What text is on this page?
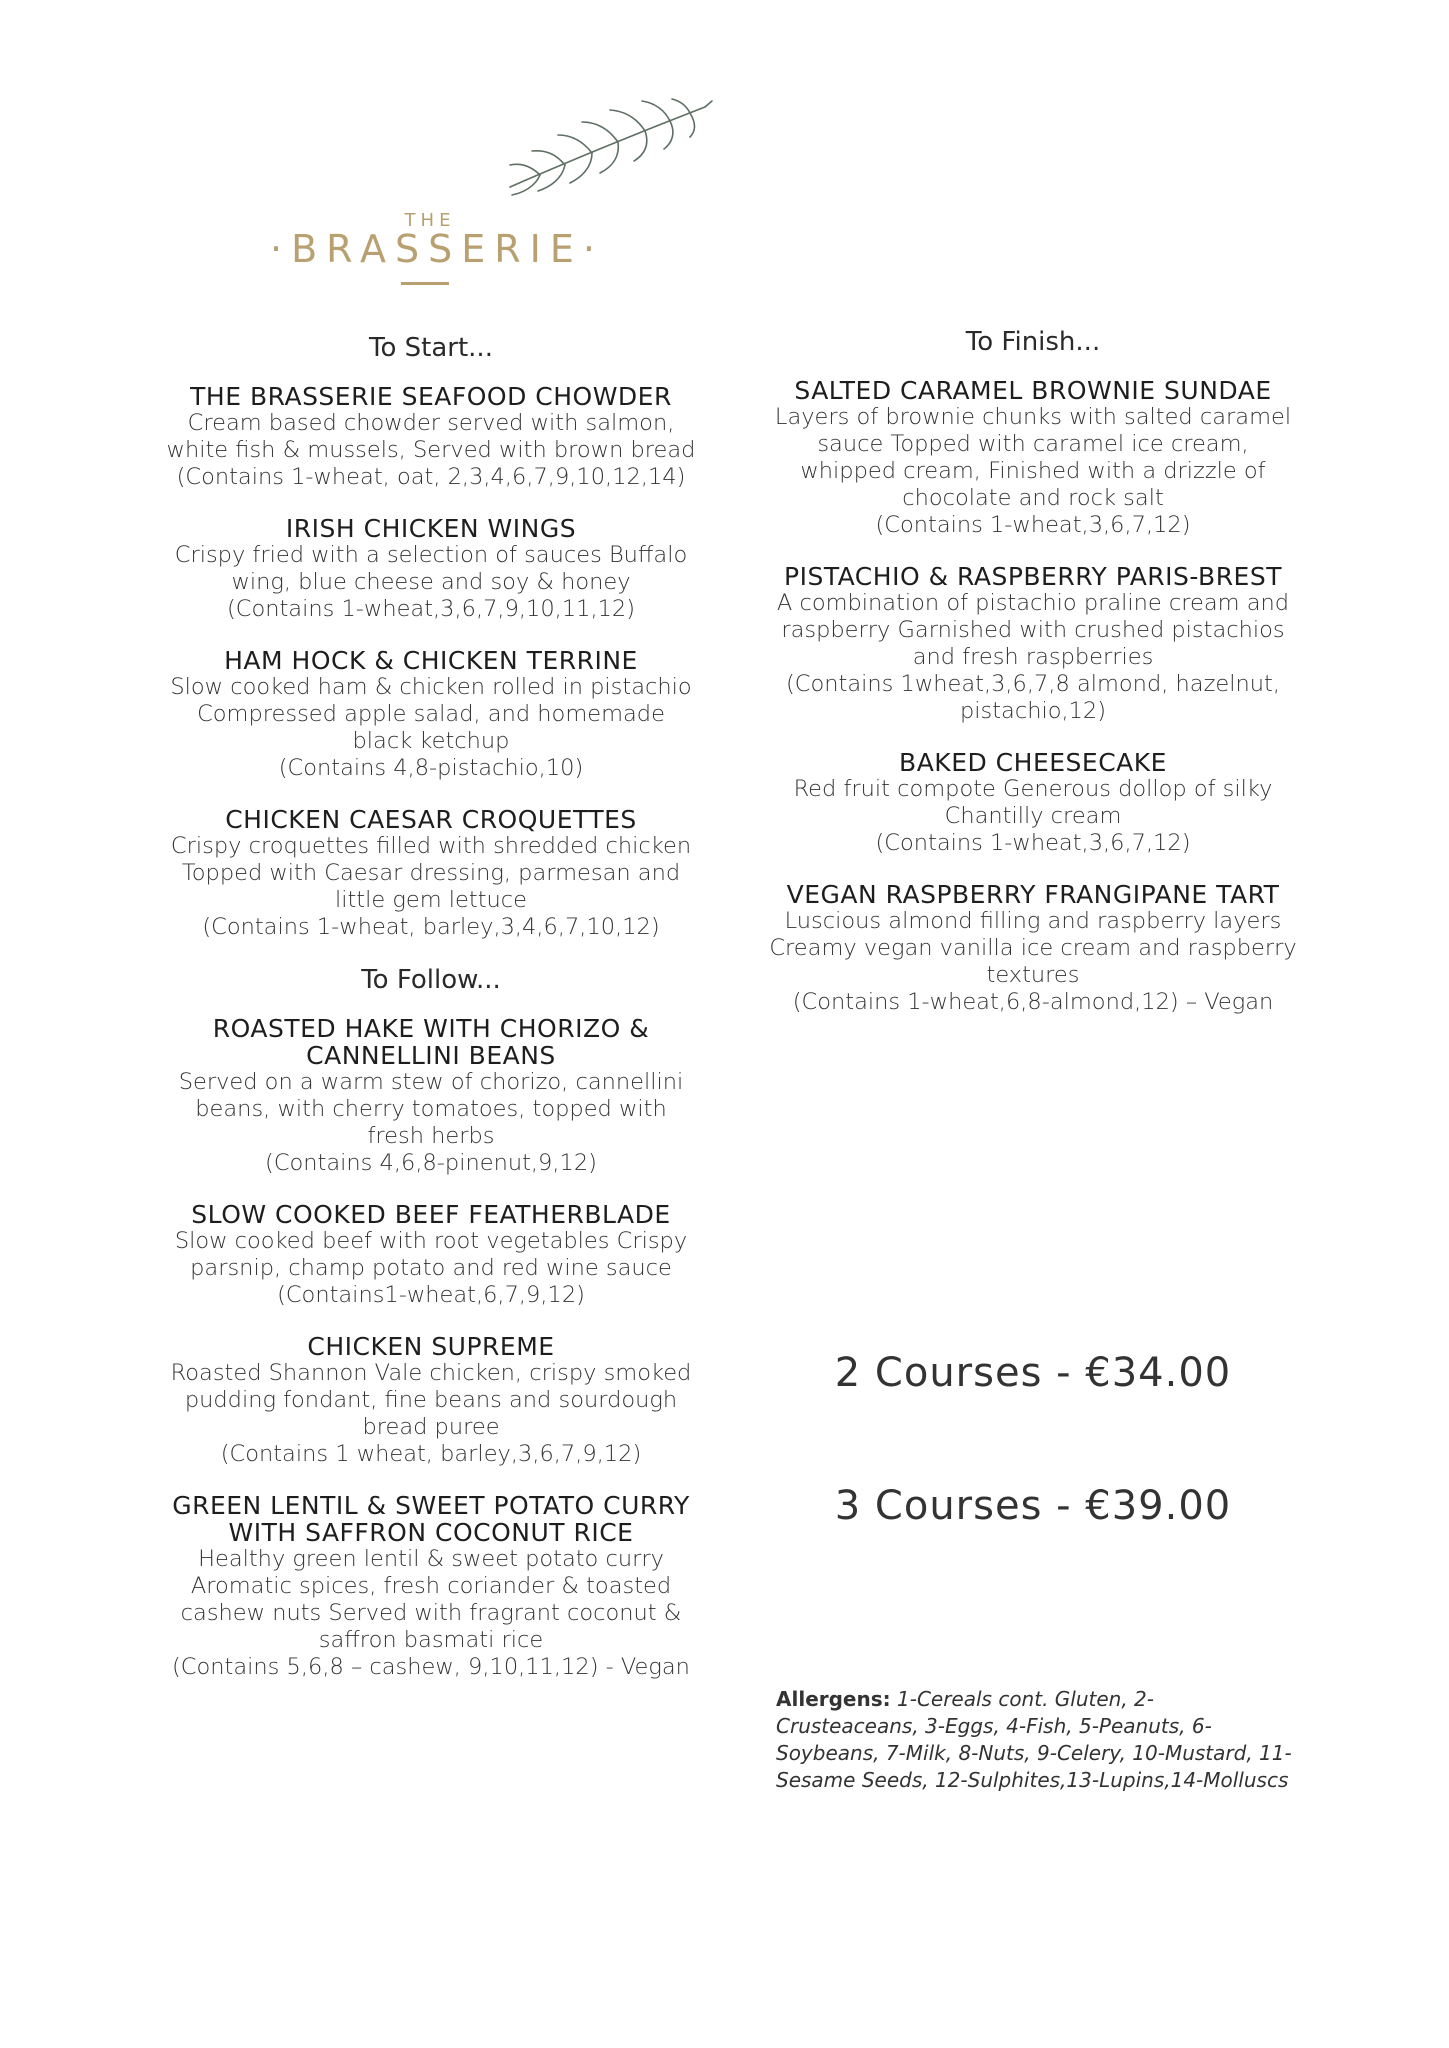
THE
·BRASSERIE·
To Start...
THE BRASSERIE SEAFOOD CHOWDER
Cream based chowder served with salmon, white fish & mussels, Served with brown bread
(Contains 1-wheat, oat, 2,3,4,6,7,9,10,12,14)
IRISH CHICKEN WINGS
Crispy fried with a selection of sauces Buffalo wing, blue cheese and soy & honey
(Contains 1-wheat,3,6,7,9,10,11,12)
HAM HOCK & CHICKEN TERRINE
Slow cooked ham & chicken rolled in pistachio Compressed apple salad, and homemade black ketchup
(Contains 4,8-pistachio,10)
CHICKEN CAESAR CROQUETTES
Crispy croquettes filled with shredded chicken Topped with Caesar dressing, parmesan and little gem lettuce
(Contains 1-wheat, barley,3,4,6,7,10,12)
To Follow...
ROASTED HAKE WITH CHORIZO & CANNELLINI BEANS
Served on a warm stew of chorizo, cannellini beans, with cherry tomatoes, topped with fresh herbs
(Contains 4,6,8-pinenut,9,12)
SLOW COOKED BEEF FEATHERBLADE
Slow cooked beef with root vegetables Crispy parsnip, champ potato and red wine sauce
(Contains1-wheat,6,7,9,12)
CHICKEN SUPREME
Roasted Shannon Vale chicken, crispy smoked pudding fondant, fine beans and sourdough bread puree
(Contains 1 wheat, barley,3,6,7,9,12)
GREEN LENTIL & SWEET POTATO CURRY WITH SAFFRON COCONUT RICE
Healthy green lentil & sweet potato curry Aromatic spices, fresh coriander & toasted cashew nuts Served with fragrant coconut & saffron basmati rice
(Contains 5,6,8 – cashew, 9,10,11,12) - Vegan
To Finish...
SALTED CARAMEL BROWNIE SUNDAE
Layers of brownie chunks with salted caramel sauce Topped with caramel ice cream, whipped cream, Finished with a drizzle of chocolate and rock salt
(Contains 1-wheat,3,6,7,12)
PISTACHIO & RASPBERRY PARIS-BREST
A combination of pistachio praline cream and raspberry Garnished with crushed pistachios and fresh raspberries
(Contains 1wheat,3,6,7,8 almond, hazelnut, pistachio,12)
BAKED CHEESECAKE
Red fruit compote Generous dollop of silky Chantilly cream
(Contains 1-wheat,3,6,7,12)
VEGAN RASPBERRY FRANGIPANE TART
Luscious almond filling and raspberry layers Creamy vegan vanilla ice cream and raspberry textures
(Contains 1-wheat,6,8-almond,12) – Vegan
2 Courses - €34.00
3 Courses - €39.00
Allergens: 1-Cereals cont. Gluten, 2-Crusteaceans, 3-Eggs, 4-Fish, 5-Peanuts, 6-Soybeans, 7-Milk, 8-Nuts, 9-Celery, 10-Mustard, 11-Sesame Seeds, 12-Sulphites,13-Lupins,14-Molluscs
